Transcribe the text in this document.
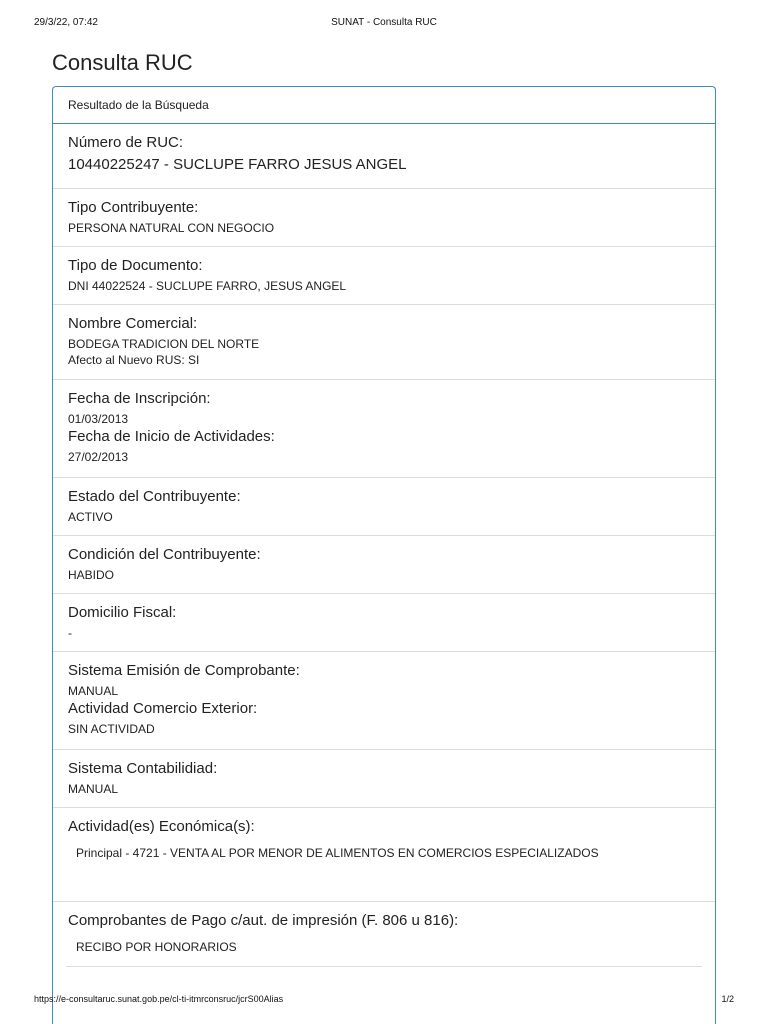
29/3/22, 07:42	SUNAT - Consulta RUC
Consulta RUC
Resultado de la Búsqueda
Número de RUC:
10440225247 - SUCLUPE FARRO JESUS ANGEL
Tipo Contribuyente:
PERSONA NATURAL CON NEGOCIO
Tipo de Documento:
DNI 44022524 - SUCLUPE FARRO, JESUS ANGEL
Nombre Comercial:
BODEGA TRADICION DEL NORTE
Afecto al Nuevo RUS: SI
Fecha de Inscripción:
01/03/2013
Fecha de Inicio de Actividades:
27/02/2013
Estado del Contribuyente:
ACTIVO
Condición del Contribuyente:
HABIDO
Domicilio Fiscal:
-
Sistema Emisión de Comprobante:
MANUAL
Actividad Comercio Exterior:
SIN ACTIVIDAD
Sistema Contabilidiad:
MANUAL
Actividad(es) Económica(s):
Principal - 4721 - VENTA AL POR MENOR DE ALIMENTOS EN COMERCIOS ESPECIALIZADOS
Comprobantes de Pago c/aut. de impresión (F. 806 u 816):
RECIBO POR HONORARIOS
https://e-consultaruc.sunat.gob.pe/cl-ti-itmrconsruc/jcrS00Alias	1/2
